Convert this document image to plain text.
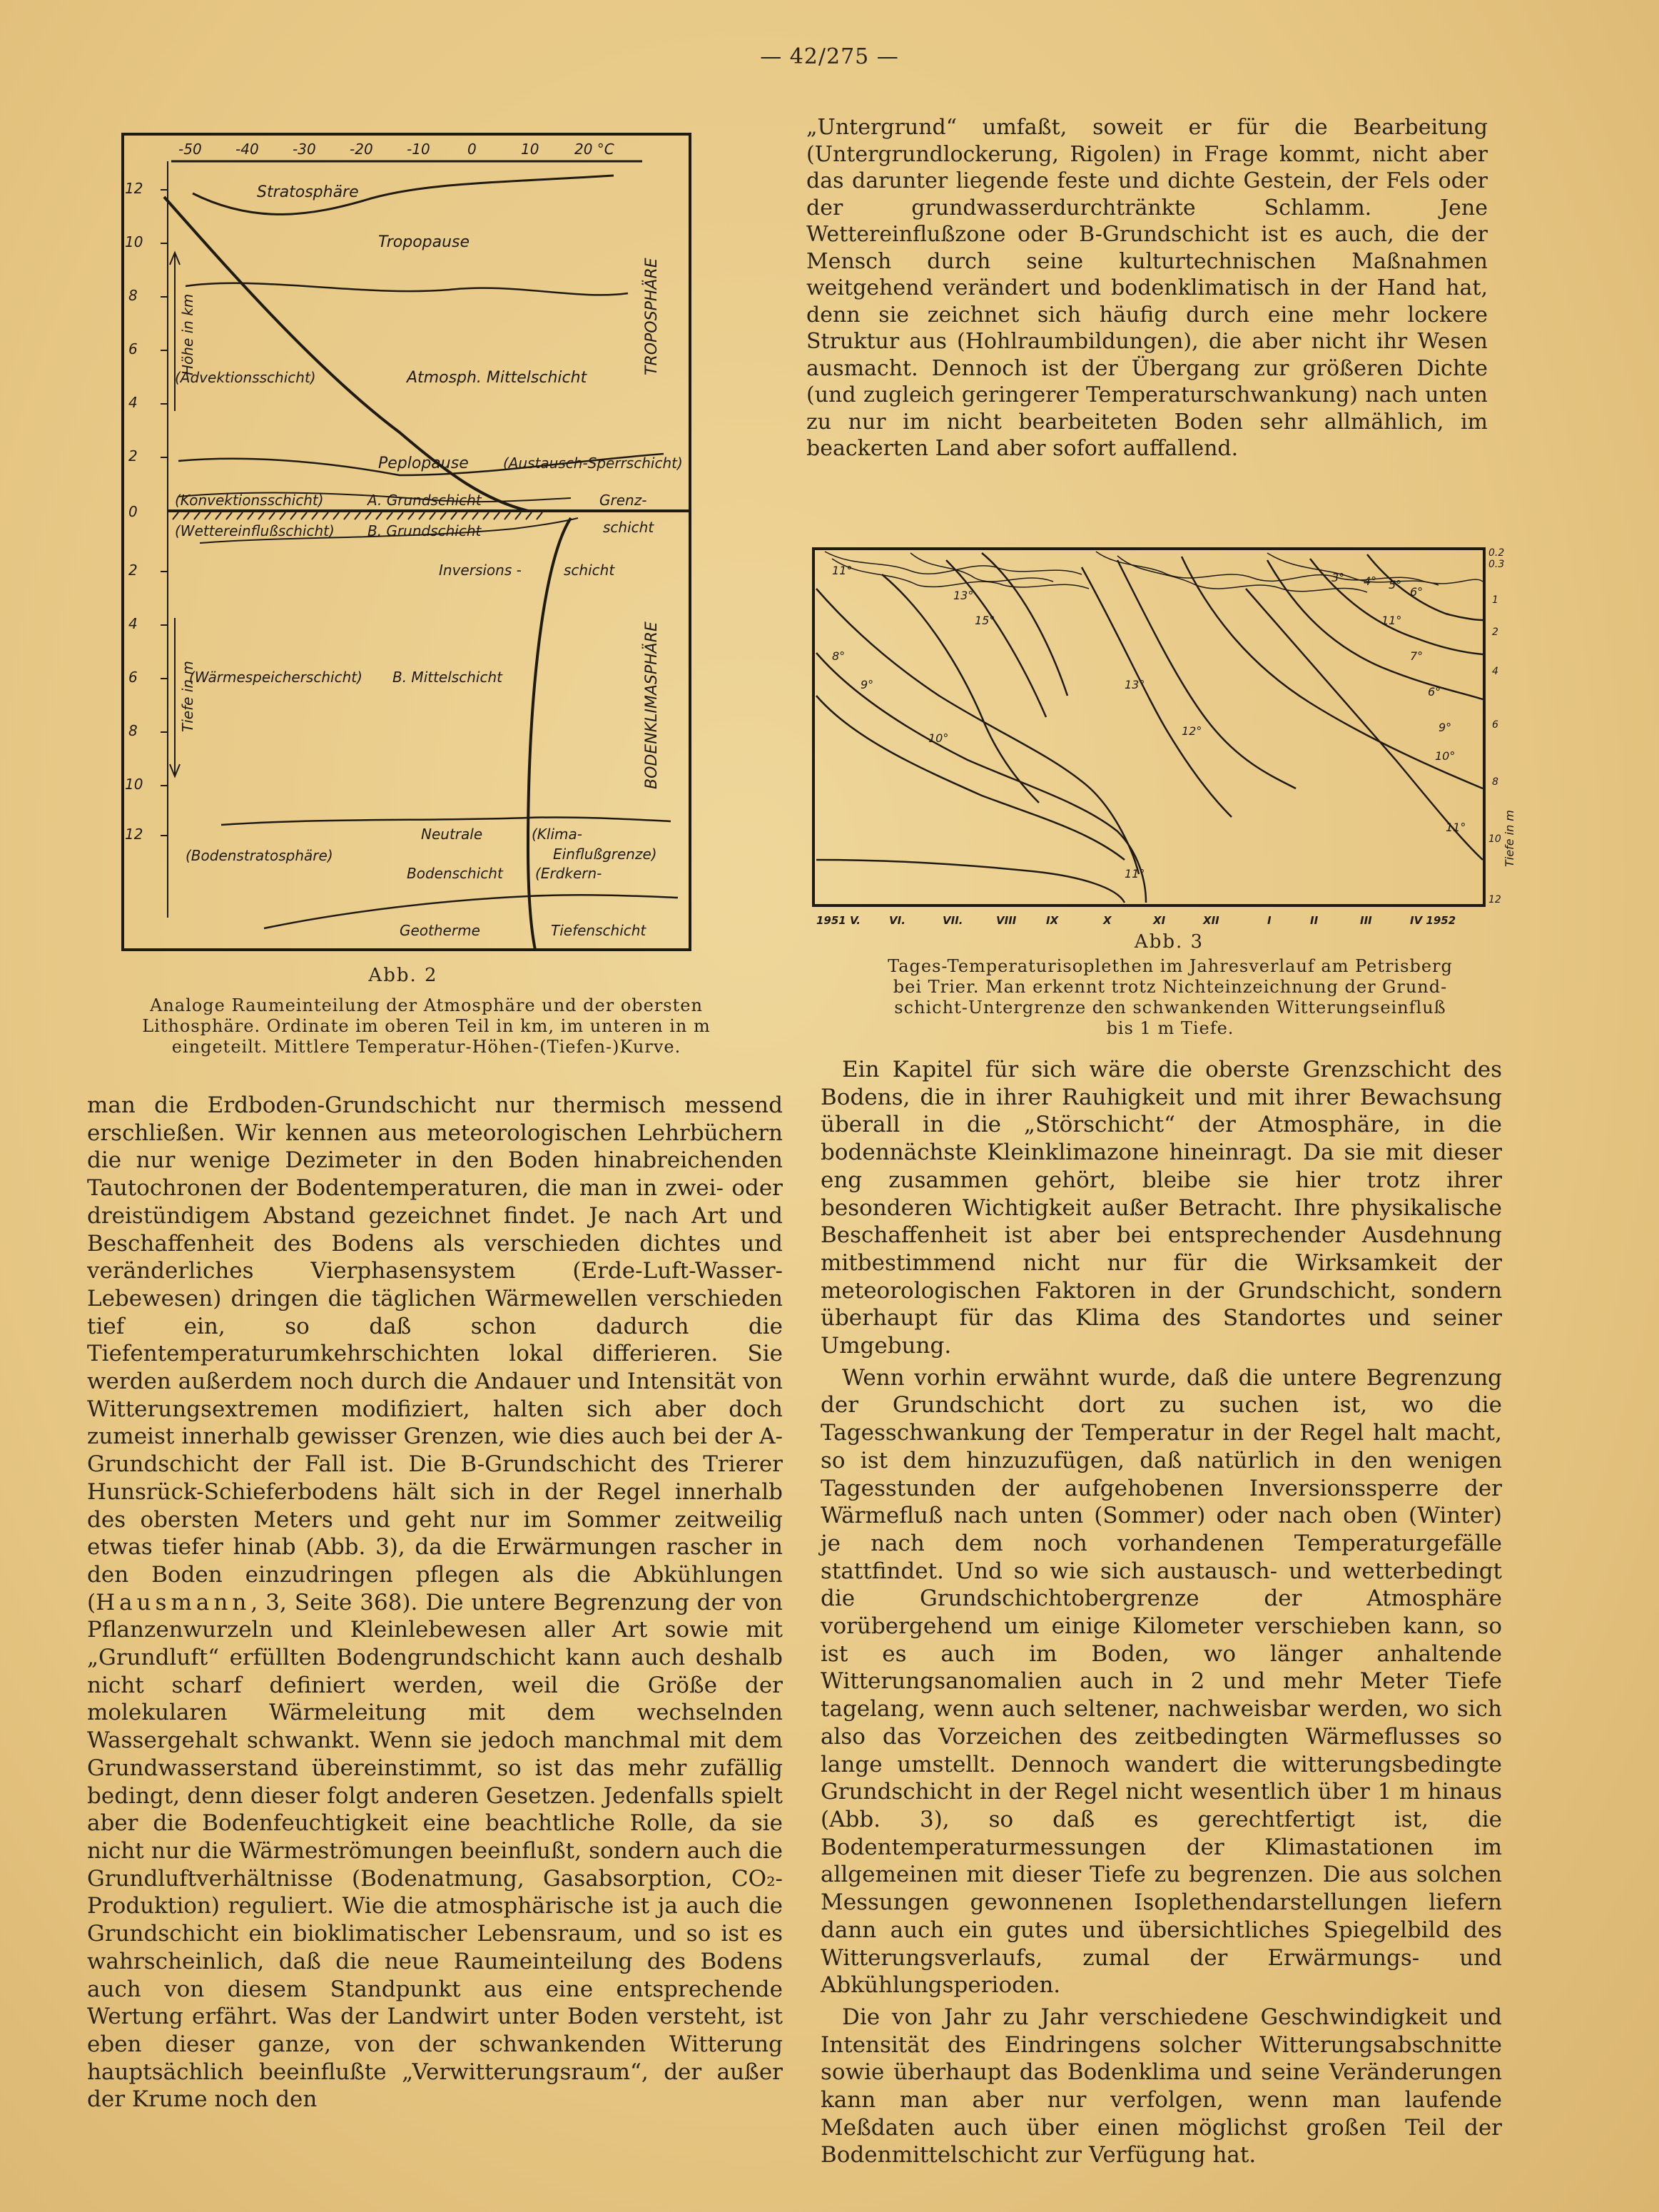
— 42/275 —
-50 -40 -30 -20 -10	0	10 20 °C
12
10
8
6
4
2
0
2
4
6
8
10
12
Höhe in km
Tiefe in m
Stratosphäre
Tropopause
(Advektionsschicht)	Atmosph. Mittelschicht
Peplopause (Austausch-Sperrschicht)
(Konvektionsschicht)	A. Grundschicht	Grenz-
(Wettereinflußschicht) B. Grundschicht	schicht
Inversions -	schicht
(Wärmespeicherschicht) B. Mittelschicht
Neutrale	(Klima-
Einflußgrenze)
(Bodenstratosphäre)
Bodenschicht (Erdkern-
Geotherme	Tiefenschicht
TROPOSPHÄRE
BODENKLIMASPHÄRE
Abb. 2
Analoge Raumeinteilung der Atmosphäre und der obersten
Lithosphäre. Ordinate im oberen Teil in km, im unteren in m
eingeteilt. Mittlere Temperatur-Höhen-(Tiefen-)Kurve.

„Untergrund“ umfaßt, soweit er für die Bearbeitung (Untergrundlockerung, Rigolen) in Frage kommt, nicht aber das darunter liegende feste und dichte Gestein, der Fels oder der grundwasserdurchtränkte Schlamm. Jene Wettereinflußzone oder B-Grundschicht ist es auch, die der Mensch durch seine kulturtechnischen Maßnahmen weitgehend verändert und bodenklimatisch in der Hand hat, denn sie zeichnet sich häufig durch eine mehr lockere Struktur aus (Hohlraumbildungen), die aber nicht ihr Wesen ausmacht. Dennoch ist der Übergang zur größeren Dichte (und zugleich geringerer Temperaturschwankung) nach unten zu nur im nicht bearbeiteten Boden sehr allmählich, im beackerten Land aber sofort auffallend.

11°
13°
15°
13°
12°
10°
9°
8°
11°
3° 4° 5°
6°
7°
6°
9°
10°
11°
11°
0.2
0.3
1
2
4
6
8
10
12
Tiefe in m
1951 V.	VI.	VII.	VIII	IX	X	XI	XII	I	II	III	IV 1952
Abb. 3
Tages-Temperaturisoplethen im Jahresverlauf am Petrisberg
bei Trier. Man erkennt trotz Nichteinzeichnung der Grund-
schicht-Untergrenze den schwankenden Witterungseinfluß
bis 1 m Tiefe.

man die Erdboden-Grundschicht nur thermisch messend erschließen. Wir kennen aus meteorologischen Lehrbüchern die nur wenige Dezimeter in den Boden hinabreichenden Tautochronen der Bodentemperaturen, die man in zwei- oder dreistündigem Abstand gezeichnet findet. Je nach Art und Beschaffenheit des Bodens als verschieden dichtes und veränderliches Vierphasensystem (Erde-Luft-Wasser-Lebewesen) dringen die täglichen Wärmewellen verschieden tief ein, so daß schon dadurch die Tiefentemperaturumkehrschichten lokal differieren. Sie werden außerdem noch durch die Andauer und Intensität von Witterungsextremen modifiziert, halten sich aber doch zumeist innerhalb gewisser Grenzen, wie dies auch bei der A-Grundschicht der Fall ist. Die B-Grundschicht des Trierer Hunsrück-Schieferbodens hält sich in der Regel innerhalb des obersten Meters und geht nur im Sommer zeitweilig etwas tiefer hinab (Abb. 3), da die Erwärmungen rascher in den Boden einzudringen pflegen als die Abkühlungen (Hausmann, 3, Seite 368). Die untere Begrenzung der von Pflanzenwurzeln und Kleinlebewesen aller Art sowie mit „Grundluft“ erfüllten Bodengrundschicht kann auch deshalb nicht scharf definiert werden, weil die Größe der molekularen Wärmeleitung mit dem wechselnden Wassergehalt schwankt. Wenn sie jedoch manchmal mit dem Grundwasserstand übereinstimmt, so ist das mehr zufällig bedingt, denn dieser folgt anderen Gesetzen. Jedenfalls spielt aber die Bodenfeuchtigkeit eine beachtliche Rolle, da sie nicht nur die Wärmeströmungen beeinflußt, sondern auch die Grundluftverhältnisse (Bodenatmung, Gasabsorption, CO₂-Produktion) reguliert. Wie die atmosphärische ist ja auch die Grundschicht ein bioklimatischer Lebensraum, und so ist es wahrscheinlich, daß die neue Raumeinteilung des Bodens auch von diesem Standpunkt aus eine entsprechende Wertung erfährt. Was der Landwirt unter Boden versteht, ist eben dieser ganze, von der schwankenden Witterung hauptsächlich beeinflußte „Verwitterungsraum“, der außer der Krume noch den

Ein Kapitel für sich wäre die oberste Grenzschicht des Bodens, die in ihrer Rauhigkeit und mit ihrer Bewachsung überall in die „Störschicht“ der Atmosphäre, in die bodennächste Kleinklimazone hineinragt. Da sie mit dieser eng zusammen gehört, bleibe sie hier trotz ihrer besonderen Wichtigkeit außer Betracht. Ihre physikalische Beschaffenheit ist aber bei entsprechender Ausdehnung mitbestimmend nicht nur für die Wirksamkeit der meteorologischen Faktoren in der Grundschicht, sondern überhaupt für das Klima des Standortes und seiner Umgebung.

Wenn vorhin erwähnt wurde, daß die untere Begrenzung der Grundschicht dort zu suchen ist, wo die Tagesschwankung der Temperatur in der Regel halt macht, so ist dem hinzuzufügen, daß natürlich in den wenigen Tagesstunden der aufgehobenen Inversionssperre der Wärmefluß nach unten (Sommer) oder nach oben (Winter) je nach dem noch vorhandenen Temperaturgefälle stattfindet. Und so wie sich austausch- und wetterbedingt die Grundschichtobergrenze der Atmosphäre vorübergehend um einige Kilometer verschieben kann, so ist es auch im Boden, wo länger anhaltende Witterungsanomalien auch in 2 und mehr Meter Tiefe tagelang, wenn auch seltener, nachweisbar werden, wo sich also das Vorzeichen des zeitbedingten Wärmeflusses so lange umstellt. Dennoch wandert die witterungsbedingte Grundschicht in der Regel nicht wesentlich über 1 m hinaus (Abb. 3), so daß es gerechtfertigt ist, die Bodentemperaturmessungen der Klimastationen im allgemeinen mit dieser Tiefe zu begrenzen. Die aus solchen Messungen gewonnenen Isoplethendarstellungen liefern dann auch ein gutes und übersichtliches Spiegelbild des Witterungsverlaufs, zumal der Erwärmungs- und Abkühlungsperioden.

Die von Jahr zu Jahr verschiedene Geschwindigkeit und Intensität des Eindringens solcher Witterungsabschnitte sowie überhaupt das Bodenklima und seine Veränderungen kann man aber nur verfolgen, wenn man laufende Meßdaten auch über einen möglichst großen Teil der Bodenmittelschicht zur Verfügung hat.
